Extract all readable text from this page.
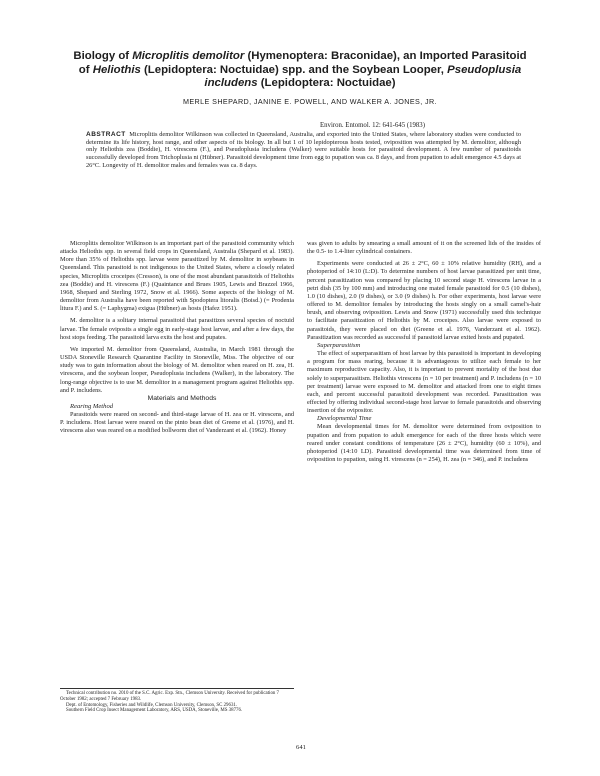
Biology of Microplitis demolitor (Hymenoptera: Braconidae), an Imported Parasitoid of Heliothis (Lepidoptera: Noctuidae) spp. and the Soybean Looper, Pseudoplusia includens (Lepidoptera: Noctuidae)

MERLE SHEPARD, JANINE E. POWELL, AND WALKER A. JONES, JR.

Environ. Entomol. 12: 641-645 (1983)

ABSTRACT Microplitis demolitor Wilkinson was collected in Queensland, Australia, and exported into the United States, where laboratory studies were conducted to determine its life history, host range, and other aspects of its biology. In all but 1 of 10 lepidopterous hosts tested, oviposition was attempted by M. demolitor, although only Heliothis zea (Boddie), H. virescens (F.), and Pseudoplusia includens (Walker) were suitable hosts for parasitoid development. A few number of parasitoids successfully developed from Trichoplusia ni (Hübner). Parasitoid development time from egg to pupation was ca. 8 days, and from pupation to adult emergence 4.5 days at 26°C. Longevity of H. demolitor males and females was ca. 8 days.

Microplitis demolitor Wilkinson is an important part of the parasitoid community which attacks Heliothis spp. in several field crops in Queensland, Australia (Shepard et al. 1983). More than 35% of Heliothis spp. larvae were parasitized by M. demolitor in soybeans in Queensland. This parasitoid is not indigenous to the United States, where a closely related species, Microplitis croceipes (Cresson), is one of the most abundant parasitoids of Heliothis zea (Boddie) and H. virescens (F.) (Quaintance and Brues 1905, Lewis and Brazzel 1966, 1968, Shepard and Sterling 1972, Snow et al. 1966). Some aspects of the biology of M. demolitor from Australia have been reported with Spodoptera litoralis (Boisd.) (= Prodenia litura F.) and S. (= Laphygma) exigua (Hübner) as hosts (Hafez 1951).

M. demolitor is a solitary internal parasitoid that parasitizes several species of noctuid larvae. The female oviposits a single egg in early-stage host larvae, and after a few days, the host stops feeding. The parasitoid larva exits the host and pupates.

We imported M. demolitor from Queensland, Australia, in March 1981 through the USDA Stoneville Research Quarantine Facility in Stoneville, Miss. The objective of our study was to gain information about the biology of M. demolitor when reared on H. zea, H. virescens, and the soybean looper, Pseudoplusia includens (Walker), in the laboratory. The long-range objective is to use M. demolitor in a management program against Heliothis spp. and P. includens.

Materials and Methods

Rearing Method

Parasitoids were reared on second- and third-stage larvae of H. zea or H. virescens, and P. includens. Host larvae were reared on the pinto bean diet of Greene et al. (1976), and H. virescens also was reared on a modified bollworm diet of Vanderzant et al. (1962). Honey

was given to adults by smearing a small amount of it on the screened lids of the insides of the 0.5- to 1.4-liter cylindrical containers.

Experiments were conducted at 26 ± 2°C, 60 ± 10% relative humidity (RH), and a photoperiod of 14:10 (L:D). To determine numbers of host larvae parasitized per unit time, percent parasitization was compared by placing 10 second stage H. virescens larvae in a petri dish (35 by 100 mm) and introducing one mated female parasitoid for 0.5 (10 dishes), 1.0 (10 dishes), 2.0 (9 dishes), or 3.0 (9 dishes) h. For other experiments, host larvae were offered to M. demolitor females by introducing the hosts singly on a small camel's-hair brush, and observing oviposition. Lewis and Snow (1971) successfully used this technique to facilitate parasitization of Heliothis by M. croceipes. Also larvae were exposed to parasitoids, they were placed on diet (Greene et al. 1976, Vanderzant et al. 1962). Parasitization was recorded as successful if parasitoid larvae exited hosts and pupated.

Superparasitism

The effect of superparasitism of host larvae by this parasitoid is important in developing a program for mass rearing, because it is advantageous to utilize each female to her maximum reproductive capacity. Also, it is important to prevent mortality of the host due solely to superparasitism. Heliothis virescens (n = 10 per treatment) and P. includens (n = 10 per treatment) larvae were exposed to M. demolitor and attacked from one to eight times each, and percent successful parasitoid development was recorded. Parasitization was effected by offering individual second-stage host larvae to female parasitoids and observing insertion of the ovipositor.

Developmental Time

Mean developmental times for M. demolitor were determined from oviposition to pupation and from pupation to adult emergence for each of the three hosts which were reared under constant conditions of temperature (26 ± 2°C), humidity (60 ± 10%), and photoperiod (14:10 LD). Parasitoid developmental time was determined from time of oviposition to pupation, using H. virescens (n = 254), H. zea (n = 346), and P. includens

Technical contribution no. 2010 of the S.C. Agric. Exp. Stn., Clemson University. Received for publication 7 October 1982; accepted 7 February 1983.
Dept. of Entomology, Fisheries and Wildlife, Clemson University, Clemson, SC 29631.
Southern Field Crop Insect Management Laboratory, ARS, USDA, Stoneville, MS 38776.
641
